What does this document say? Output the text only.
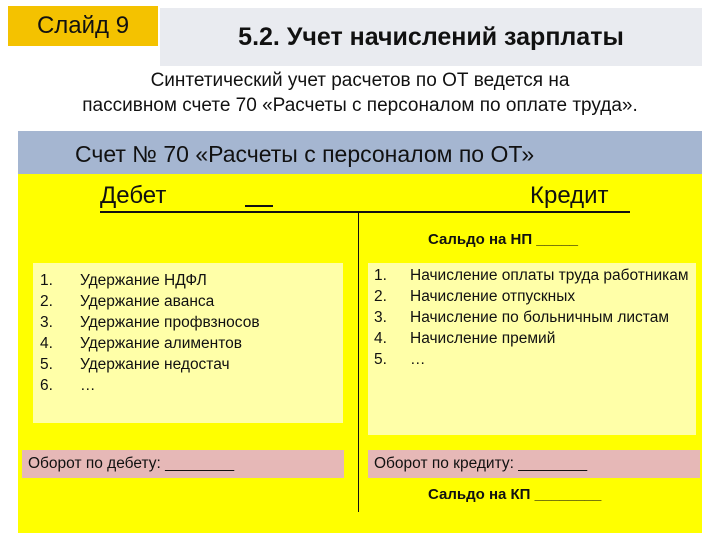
Слайд 9	5.2. Учет начислений зарплаты
Синтетический учет расчетов по ОТ ведется на
пассивном счете 70 «Расчеты с персоналом по оплате труда».
Счет № 70 «Расчеты с персоналом по ОТ»
Дебет	Кредит
Сальдо на НП _____
1.	Удержание НДФЛ
2.	Удержание аванса
3.	Удержание профвзносов
4.	Удержание алиментов
5.	Удержание недостач
6.	…
1.	Начисление оплаты труда работникам
2.	Начисление отпускных
3.	Начисление по больничным листам
4.	Начисление премий
5.	…
Оборот по дебету: ________	Оборот по кредиту: ________
Сальдо на КП ________
